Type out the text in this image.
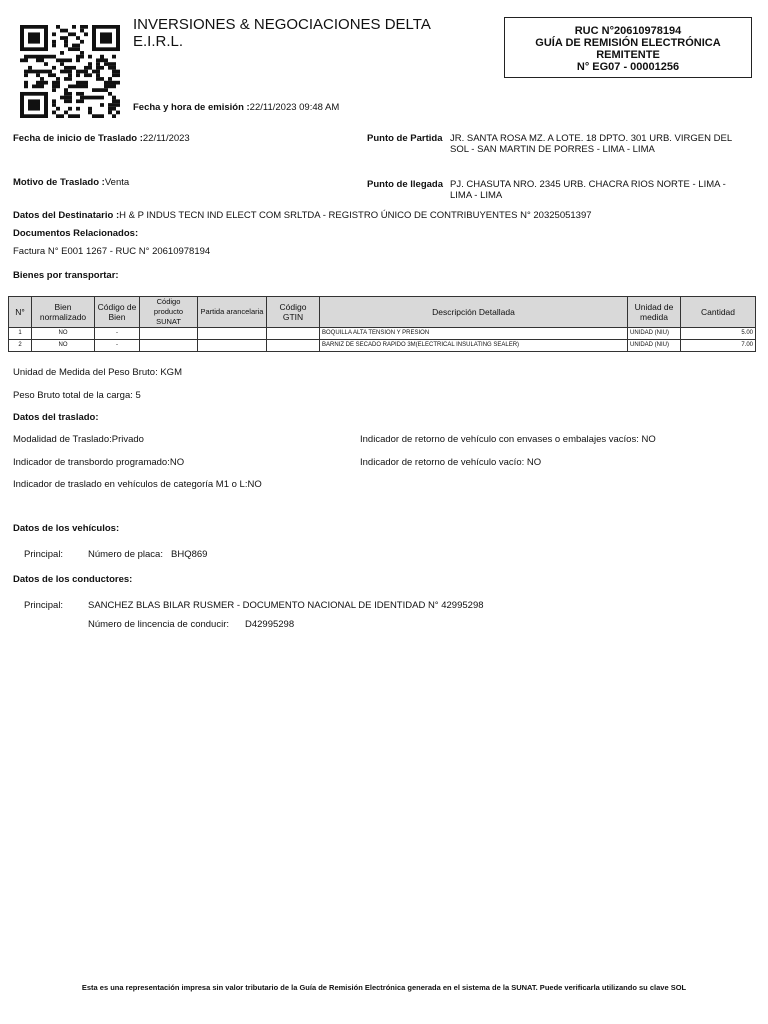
INVERSIONES & NEGOCIACIONES DELTA
E.I.R.L.
RUC N°20610978194
GUÍA DE REMISIÓN ELECTRÓNICA
REMITENTE
N° EG07 - 00001256
Fecha y hora de emisión :22/11/2023 09:48 AM
Fecha de inicio de Traslado :22/11/2023	Punto de Partida JR. SANTA ROSA MZ. A LOTE. 18 DPTO. 301 URB. VIRGEN DEL SOL - SAN MARTIN DE PORRES - LIMA - LIMA
Motivo de Traslado :Venta	Punto de llegada PJ. CHASUTA NRO. 2345 URB. CHACRA RIOS NORTE - LIMA - LIMA - LIMA
Datos del Destinatario :H & P INDUS TECN IND ELECT COM SRLTDA - REGISTRO ÚNICO DE CONTRIBUYENTES N° 20325051397
Documentos Relacionados:
Factura N° E001 1267 - RUC N° 20610978194
Bienes por transportar:
N°	Bien normalizado	Código de Bien	Código producto SUNAT	Partida arancelaria	Código GTIN	Descripción Detallada	Unidad de medida	Cantidad
1	NO	-				BOQUILLA ALTA TENSION Y PRESION	UNIDAD (NIU)	5.00
2	NO	-				BARNIZ DE SECADO RAPIDO 3M(ELECTRICAL INSULATING SEALER)	UNIDAD (NIU)	7.00
Unidad de Medida del Peso Bruto: KGM
Peso Bruto total de la carga: 5
Datos del traslado:
Modalidad de Traslado:Privado	Indicador de retorno de vehículo con envases o embalajes vacíos: NO
Indicador de transbordo programado:NO	Indicador de retorno de vehículo vacío: NO
Indicador de traslado en vehículos de categoría M1 o L:NO
Datos de los vehículos:
Principal:	Número de placa: BHQ869
Datos de los conductores:
Principal:	SANCHEZ BLAS BILAR RUSMER - DOCUMENTO NACIONAL DE IDENTIDAD N° 42995298
Número de lincencia de conducir: D42995298
Esta es una representación impresa sin valor tributario de la Guía de Remisión Electrónica generada en el sistema de la SUNAT. Puede verificarla utilizando su clave SOL
